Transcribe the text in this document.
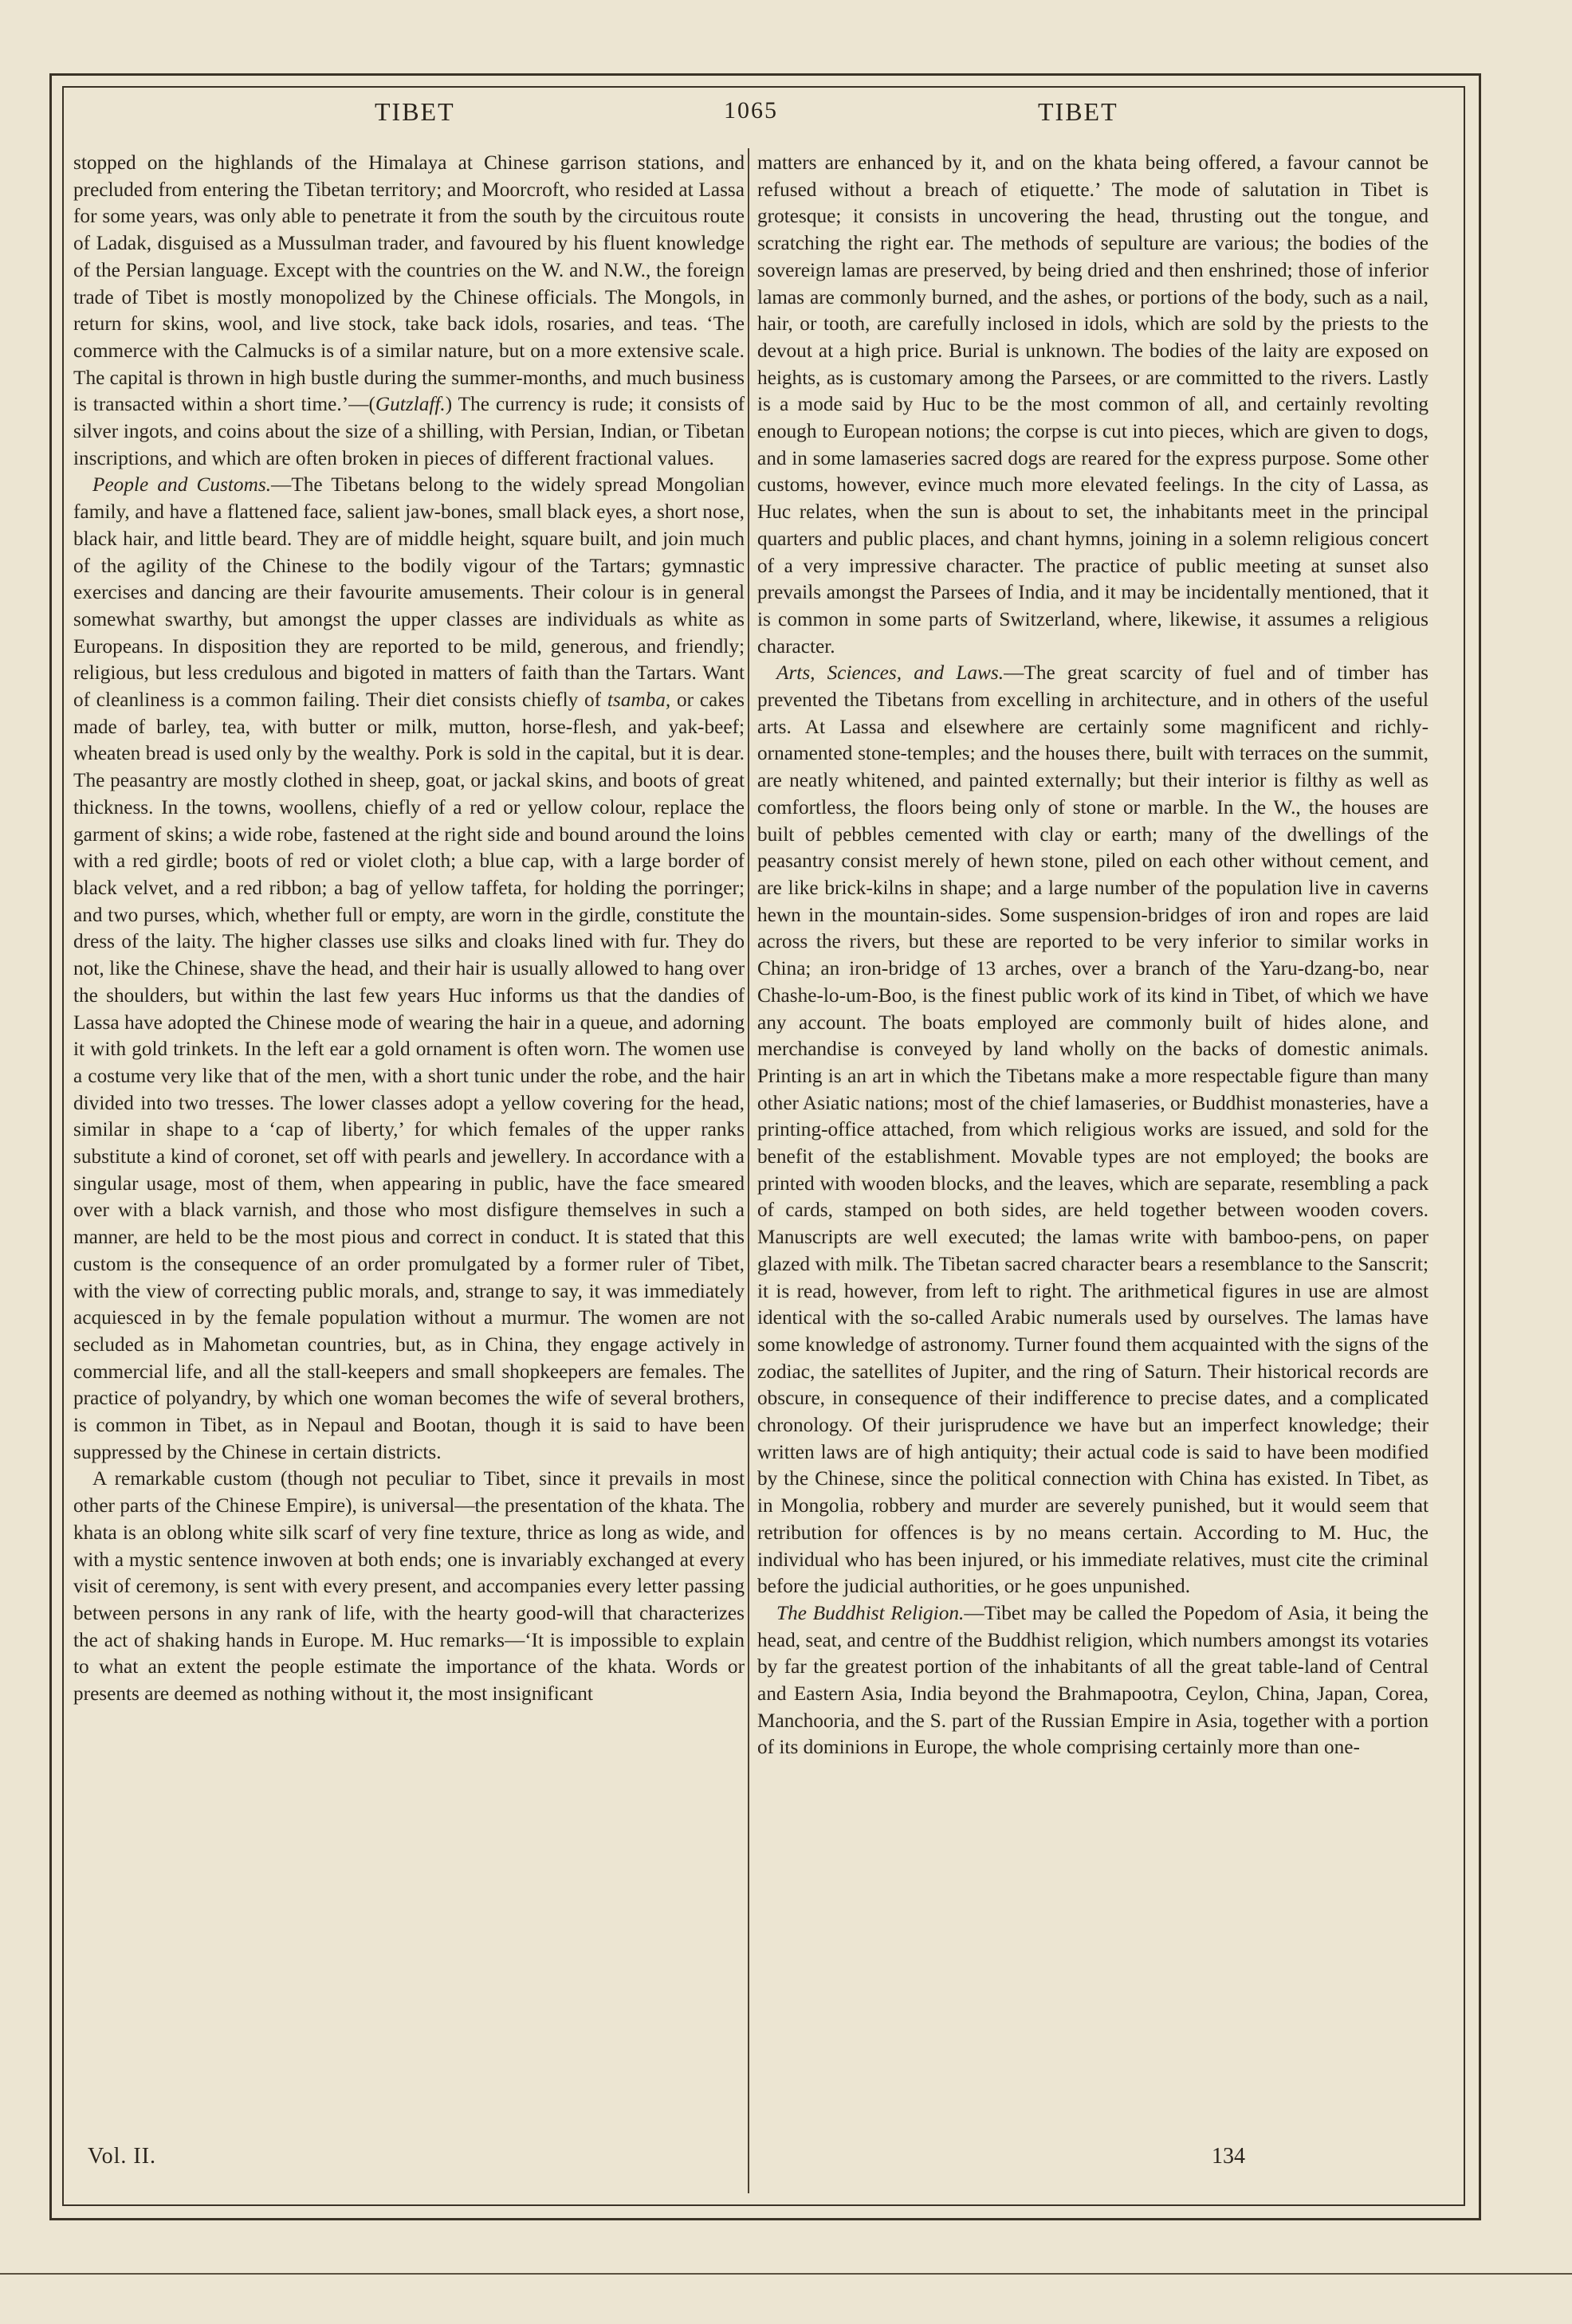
TIBET	1065	TIBET

stopped on the highlands of the Himalaya at Chinese garrison stations, and precluded from entering the Tibetan territory; and Moorcroft, who resided at Lassa for some years, was only able to penetrate it from the south by the circuitous route of Ladak, disguised as a Mussulman trader, and favoured by his fluent knowledge of the Persian language. Except with the countries on the W. and N.W., the foreign trade of Tibet is mostly monopolized by the Chinese officials. The Mongols, in return for skins, wool, and live stock, take back idols, rosaries, and teas. ‘The commerce with the Calmucks is of a similar nature, but on a more extensive scale. The capital is thrown in high bustle during the summer-months, and much business is transacted within a short time.’—(Gutzlaff.) The currency is rude; it consists of silver ingots, and coins about the size of a shilling, with Persian, Indian, or Tibetan inscriptions, and which are often broken in pieces of different fractional values.

People and Customs.—The Tibetans belong to the widely spread Mongolian family, and have a flattened face, salient jaw-bones, small black eyes, a short nose, black hair, and little beard. They are of middle height, square built, and join much of the agility of the Chinese to the bodily vigour of the Tartars; gymnastic exercises and dancing are their favourite amusements. Their colour is in general somewhat swarthy, but amongst the upper classes are individuals as white as Europeans. In disposition they are reported to be mild, generous, and friendly; religious, but less credulous and bigoted in matters of faith than the Tartars. Want of cleanliness is a common failing. Their diet consists chiefly of tsamba, or cakes made of barley, tea, with butter or milk, mutton, horse-flesh, and yak-beef; wheaten bread is used only by the wealthy. Pork is sold in the capital, but it is dear. The peasantry are mostly clothed in sheep, goat, or jackal skins, and boots of great thickness. In the towns, woollens, chiefly of a red or yellow colour, replace the garment of skins; a wide robe, fastened at the right side and bound around the loins with a red girdle; boots of red or violet cloth; a blue cap, with a large border of black velvet, and a red ribbon; a bag of yellow taffeta, for holding the porringer; and two purses, which, whether full or empty, are worn in the girdle, constitute the dress of the laity. The higher classes use silks and cloaks lined with fur. They do not, like the Chinese, shave the head, and their hair is usually allowed to hang over the shoulders, but within the last few years Huc informs us that the dandies of Lassa have adopted the Chinese mode of wearing the hair in a queue, and adorning it with gold trinkets. In the left ear a gold ornament is often worn. The women use a costume very like that of the men, with a short tunic under the robe, and the hair divided into two tresses. The lower classes adopt a yellow covering for the head, similar in shape to a ‘cap of liberty,’ for which females of the upper ranks substitute a kind of coronet, set off with pearls and jewellery. In accordance with a singular usage, most of them, when appearing in public, have the face smeared over with a black varnish, and those who most disfigure themselves in such a manner, are held to be the most pious and correct in conduct. It is stated that this custom is the consequence of an order promulgated by a former ruler of Tibet, with the view of correcting public morals, and, strange to say, it was immediately acquiesced in by the female population without a murmur. The women are not secluded as in Mahometan countries, but, as in China, they engage actively in commercial life, and all the stall-keepers and small shopkeepers are females. The practice of polyandry, by which one woman becomes the wife of several brothers, is common in Tibet, as in Nepaul and Bootan, though it is said to have been suppressed by the Chinese in certain districts.

A remarkable custom (though not peculiar to Tibet, since it prevails in most other parts of the Chinese Empire), is universal—the presentation of the khata. The khata is an oblong white silk scarf of very fine texture, thrice as long as wide, and with a mystic sentence inwoven at both ends; one is invariably exchanged at every visit of ceremony, is sent with every present, and accompanies every letter passing between persons in any rank of life, with the hearty good-will that characterizes the act of shaking hands in Europe. M. Huc remarks—‘It is impossible to explain to what an extent the people estimate the importance of the khata. Words or presents are deemed as nothing without it, the most insignificant

matters are enhanced by it, and on the khata being offered, a favour cannot be refused without a breach of etiquette.’ The mode of salutation in Tibet is grotesque; it consists in uncovering the head, thrusting out the tongue, and scratching the right ear. The methods of sepulture are various; the bodies of the sovereign lamas are preserved, by being dried and then enshrined; those of inferior lamas are commonly burned, and the ashes, or portions of the body, such as a nail, hair, or tooth, are carefully inclosed in idols, which are sold by the priests to the devout at a high price. Burial is unknown. The bodies of the laity are exposed on heights, as is customary among the Parsees, or are committed to the rivers. Lastly is a mode said by Huc to be the most common of all, and certainly revolting enough to European notions; the corpse is cut into pieces, which are given to dogs, and in some lamaseries sacred dogs are reared for the express purpose. Some other customs, however, evince much more elevated feelings. In the city of Lassa, as Huc relates, when the sun is about to set, the inhabitants meet in the principal quarters and public places, and chant hymns, joining in a solemn religious concert of a very impressive character. The practice of public meeting at sunset also prevails amongst the Parsees of India, and it may be incidentally mentioned, that it is common in some parts of Switzerland, where, likewise, it assumes a religious character.

Arts, Sciences, and Laws.—The great scarcity of fuel and of timber has prevented the Tibetans from excelling in architecture, and in others of the useful arts. At Lassa and elsewhere are certainly some magnificent and richly-ornamented stone-temples; and the houses there, built with terraces on the summit, are neatly whitened, and painted externally; but their interior is filthy as well as comfortless, the floors being only of stone or marble. In the W., the houses are built of pebbles cemented with clay or earth; many of the dwellings of the peasantry consist merely of hewn stone, piled on each other without cement, and are like brick-kilns in shape; and a large number of the population live in caverns hewn in the mountain-sides. Some suspension-bridges of iron and ropes are laid across the rivers, but these are reported to be very inferior to similar works in China; an iron-bridge of 13 arches, over a branch of the Yaru-dzang-bo, near Chashe-lo-um-Boo, is the finest public work of its kind in Tibet, of which we have any account. The boats employed are commonly built of hides alone, and merchandise is conveyed by land wholly on the backs of domestic animals. Printing is an art in which the Tibetans make a more respectable figure than many other Asiatic nations; most of the chief lamaseries, or Buddhist monasteries, have a printing-office attached, from which religious works are issued, and sold for the benefit of the establishment. Movable types are not employed; the books are printed with wooden blocks, and the leaves, which are separate, resembling a pack of cards, stamped on both sides, are held together between wooden covers. Manuscripts are well executed; the lamas write with bamboo-pens, on paper glazed with milk. The Tibetan sacred character bears a resemblance to the Sanscrit; it is read, however, from left to right. The arithmetical figures in use are almost identical with the so-called Arabic numerals used by ourselves. The lamas have some knowledge of astronomy. Turner found them acquainted with the signs of the zodiac, the satellites of Jupiter, and the ring of Saturn. Their historical records are obscure, in consequence of their indifference to precise dates, and a complicated chronology. Of their jurisprudence we have but an imperfect knowledge; their written laws are of high antiquity; their actual code is said to have been modified by the Chinese, since the political connection with China has existed. In Tibet, as in Mongolia, robbery and murder are severely punished, but it would seem that retribution for offences is by no means certain. According to M. Huc, the individual who has been injured, or his immediate relatives, must cite the criminal before the judicial authorities, or he goes unpunished.

The Buddhist Religion.—Tibet may be called the Popedom of Asia, it being the head, seat, and centre of the Buddhist religion, which numbers amongst its votaries by far the greatest portion of the inhabitants of all the great table-land of Central and Eastern Asia, India beyond the Brahmapootra, Ceylon, China, Japan, Corea, Manchooria, and the S. part of the Russian Empire in Asia, together with a portion of its dominions in Europe, the whole comprising certainly more than one-

Vol. II.	134
